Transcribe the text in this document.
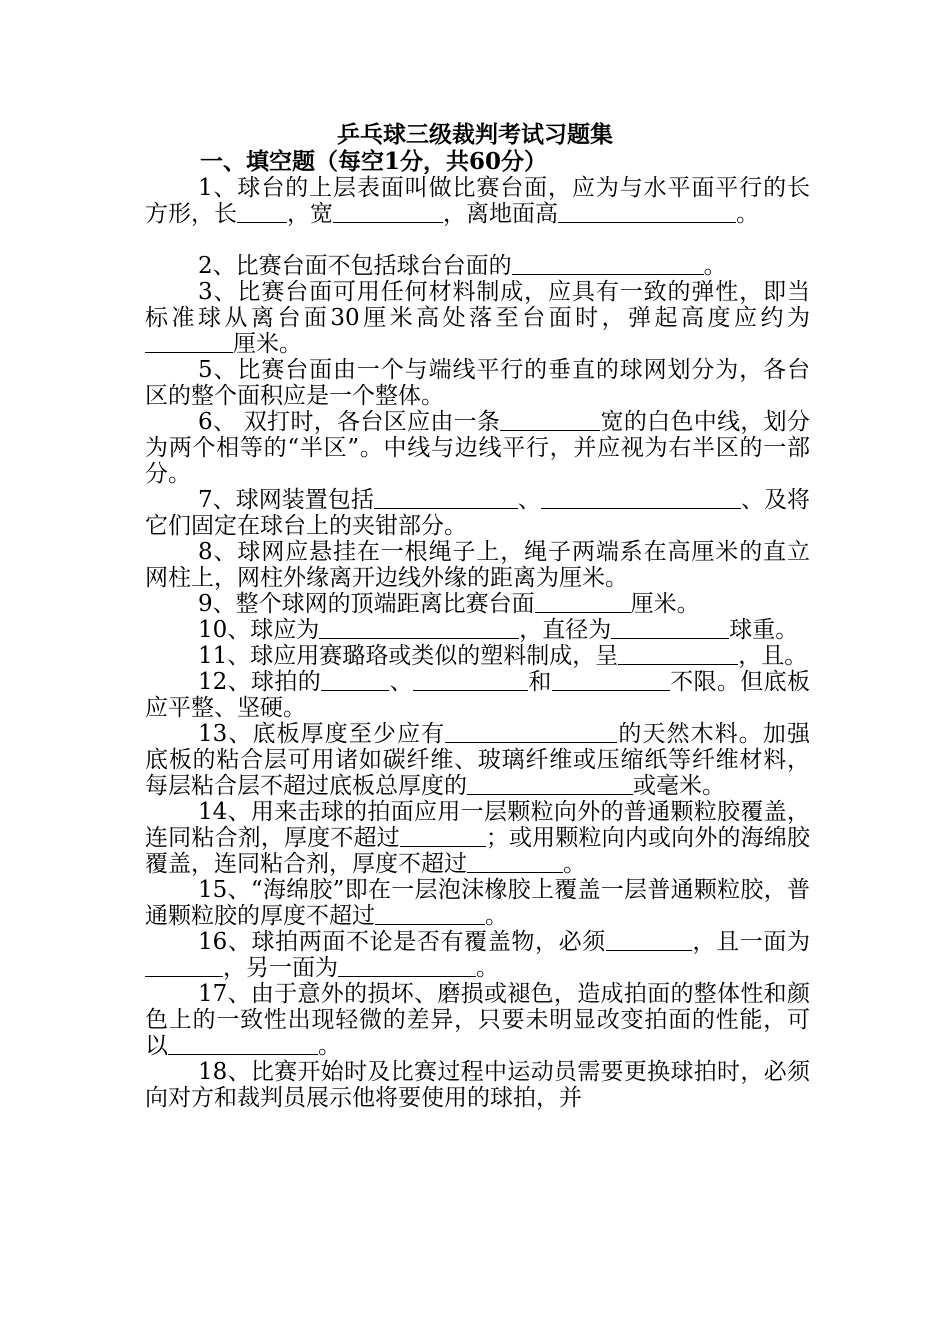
乒乓球三级裁判考试习题集
一、填空题（每空1分，共60分）

1、球台的上层表面叫做比赛台面，应为与水平面平行的长方形，长 ，宽	，离地面高	。

2、比赛台面不包括球台台面的	。

3、比赛台面可用任何材料制成，应具有一致的弹性，即当标准球从离台面30厘米高处落至台面时，弹起高度应约为厘米。

5、比赛台面由一个与端线平行的垂直的球网划分为，各台区的整个面积应是一个整体。

6、 双打时，各台区应由一条	宽的白色中线，划分为两个相等的“半区”。中线与边线平行，并应视为右半区的一部分。

7、球网装置包括	、	、及将它们固定在球台上的夹钳部分。

8、球网应悬挂在一根绳子上，绳子两端系在高厘米的直立网柱上，网柱外缘离开边线外缘的距离为厘米。

9、整个球网的顶端距离比赛台面	厘米。

10、球应为	，直径为	球重。

11、球应用赛璐珞或类似的塑料制成，呈	，且。

12、球拍的	、	和	不限。但底板应平整、坚硬。

13、底板厚度至少应有	的天然木料。加强底板的粘合层可用诸如碳纤维、玻璃纤维或压缩纸等纤维材料，每层粘合层不超过底板总厚度的	或毫米。

14、用来击球的拍面应用一层颗粒向外的普通颗粒胶覆盖，连同粘合剂，厚度不超过	；或用颗粒向内或向外的海绵胶覆盖，连同粘合剂，厚度不超过	。

15、“海绵胶”即在一层泡沫橡胶上覆盖一层普通颗粒胶，普通颗粒胶的厚度不超过	。

16、球拍两面不论是否有覆盖物，必须	，且一面为，另一面为	。

17、由于意外的损坏、磨损或褪色，造成拍面的整体性和颜色上的一致性出现轻微的差异，只要未明显改变拍面的性能，可以	。

18、比赛开始时及比赛过程中运动员需要更换球拍时，必须向对方和裁判员展示他将要使用的球拍，并
